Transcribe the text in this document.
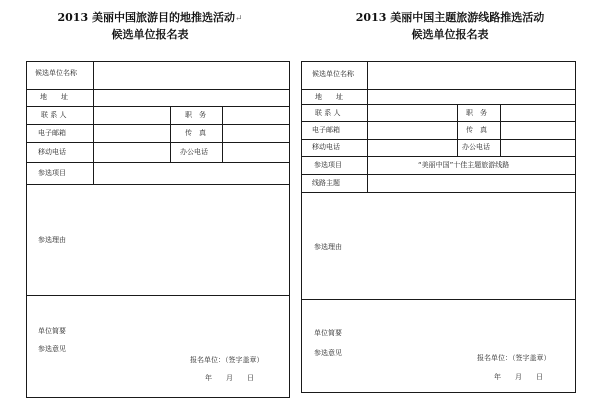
2013 美丽中国旅游目的地推选活动↵
候选单位报名表
候选单位名称
地　　址
联 系 人	职　务
电子邮箱	传　真
移动电话	办公电话
参选项目
参选理由
单位简要
参选意见
报名单位：（签字盖章）
年　　月　　日
2013 美丽中国主题旅游线路推选活动
候选单位报名表
候选单位名称
地　　址
联 系 人	职　务
电子邮箱	传　真
移动电话	办公电话
参选项目	“美丽中国”十佳主题旅游线路
线路主题
参选理由
单位简要
参选意见
报名单位：（签字盖章）
年　　月　　日
